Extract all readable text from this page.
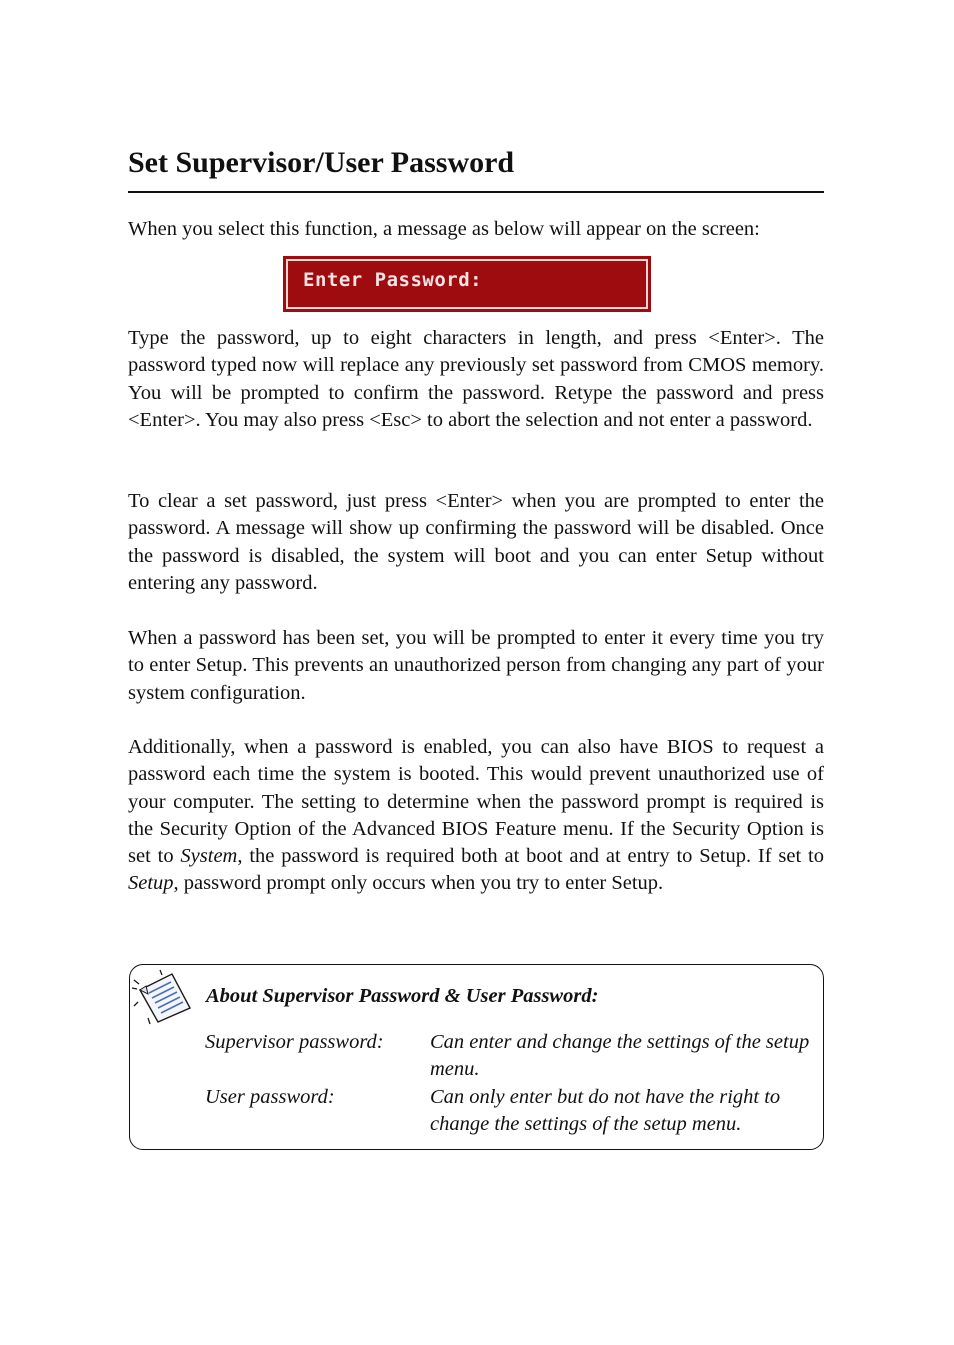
Set Supervisor/User Password

When you select this function, a message as below will appear on the screen:

Enter Password:

Type the password, up to eight characters in length, and press <Enter>. The password typed now will replace any previously set password from CMOS memory. You will be prompted to confirm the password. Retype the password and press <Enter>. You may also press <Esc> to abort the selection and not enter a password.

To clear a set password, just press <Enter> when you are prompted to enter the password. A message will show up confirming the password will be disabled. Once the password is disabled, the system will boot and you can enter Setup without entering any password.

When a password has been set, you will be prompted to enter it every time you try to enter Setup. This prevents an unauthorized person from changing any part of your system configuration.

Additionally, when a password is enabled, you can also have BIOS to request a password each time the system is booted. This would prevent unauthorized use of your computer. The setting to determine when the password prompt is required is the Security Option of the Advanced BIOS Feature menu. If the Security Option is set to System, the password is required both at boot and at entry to Setup. If set to Setup, password prompt only occurs when you try to enter Setup.

About Supervisor Password & User Password:

Supervisor password: Can enter and change the settings of the setup menu.
User password:	Can only enter but do not have the right to change the settings of the setup menu.
